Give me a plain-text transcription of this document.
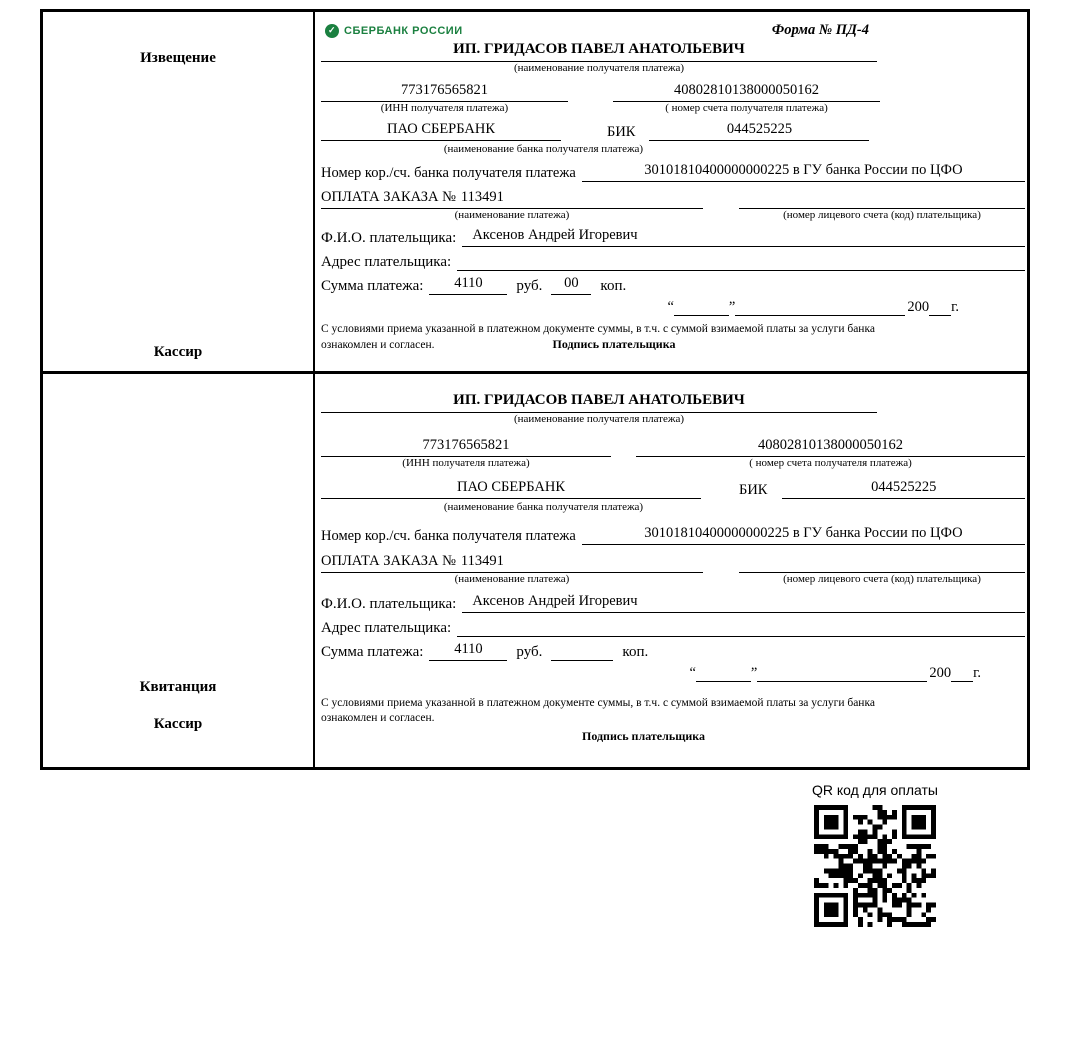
Извещение
Кассир
✓ СБЕРБАНК РОССИИ	Форма № ПД-4
ИП. ГРИДАСОВ ПАВЕЛ АНАТОЛЬЕВИЧ
(наименование получателя платежа)
773176565821	40802810138000050162
(ИНН получателя платежа)	( номер счета получателя платежа)
ПАО СБЕРБАНК	БИК	044525225
(наименование банка получателя платежа)
Номер кор./сч. банка получателя платежа	30101810400000000225 в ГУ банка России по ЦФО
ОПЛАТА ЗАКАЗА № 113491
(наименование платежа)	(номер лицевого счета (код) плательщика)
Ф.И.О. плательщика:	Аксенов Андрей Игоревич
Адрес плательщика:
Сумма платежа:	4110	руб.	00	коп.
“	”	200 г.
С условиями приема указанной в платежном документе суммы, в т.ч. с суммой взимаемой платы за услуги банка
ознакомлен и согласен.	Подпись плательщика
Квитанция
Кассир
ИП. ГРИДАСОВ ПАВЕЛ АНАТОЛЬЕВИЧ
(наименование получателя платежа)
773176565821	40802810138000050162
(ИНН получателя платежа)	( номер счета получателя платежа)
ПАО СБЕРБАНК	БИК	044525225
(наименование банка получателя платежа)
Номер кор./сч. банка получателя платежа	30101810400000000225 в ГУ банка России по ЦФО
ОПЛАТА ЗАКАЗА № 113491
(наименование платежа)	(номер лицевого счета (код) плательщика)
Ф.И.О. плательщика:	Аксенов Андрей Игоревич
Адрес плательщика:
Сумма платежа:	4110	руб.	коп.
“	”	200 г.
С условиями приема указанной в платежном документе суммы, в т.ч. с суммой взимаемой платы за услуги банка
ознакомлен и согласен.
Подпись плательщика
QR код для оплаты
